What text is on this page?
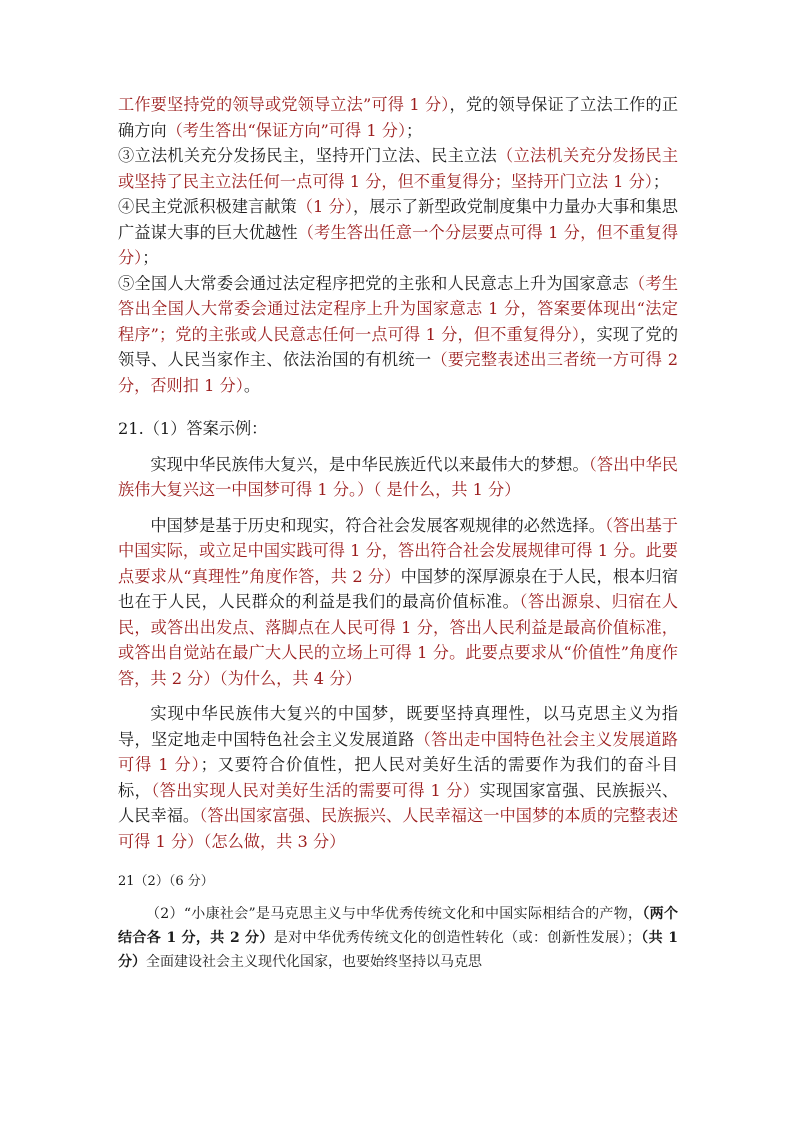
工作要坚持党的领导或党领导立法”可得 1 分），党的领导保证了立法工作的正确方向（考生答出“保证方向”可得 1 分）；

③立法机关充分发扬民主，坚持开门立法、民主立法（立法机关充分发扬民主或坚持了民主立法任何一点可得 1 分，但不重复得分；坚持开门立法 1 分）；

④民主党派积极建言献策（1 分），展示了新型政党制度集中力量办大事和集思广益谋大事的巨大优越性（考生答出任意一个分层要点可得 1 分，但不重复得分）；

⑤全国人大常委会通过法定程序把党的主张和人民意志上升为国家意志（考生答出全国人大常委会通过法定程序上升为国家意志 1 分，答案要体现出“法定程序”；党的主张或人民意志任何一点可得 1 分，但不重复得分），实现了党的领导、人民当家作主、依法治国的有机统一（要完整表述出三者统一方可得 2 分，否则扣 1 分）。

21.（1）答案示例：

实现中华民族伟大复兴，是中华民族近代以来最伟大的梦想。（答出中华民族伟大复兴这一中国梦可得 1 分。）（ 是什么，共 1 分）

中国梦是基于历史和现实，符合社会发展客观规律的必然选择。（答出基于中国实际，或立足中国实践可得 1 分，答出符合社会发展规律可得 1 分。此要点要求从“真理性”角度作答，共 2 分）中国梦的深厚源泉在于人民，根本归宿也在于人民，人民群众的利益是我们的最高价值标准。（答出源泉、归宿在人民，或答出出发点、落脚点在人民可得 1 分，答出人民利益是最高价值标准，或答出自觉站在最广大人民的立场上可得 1 分。此要点要求从“价值性”角度作答，共 2 分）（为什么，共 4 分）

实现中华民族伟大复兴的中国梦，既要坚持真理性，以马克思主义为指导，坚定地走中国特色社会主义发展道路（答出走中国特色社会主义发展道路可得 1 分）；又要符合价值性，把人民对美好生活的需要作为我们的奋斗目标，（答出实现人民对美好生活的需要可得 1 分）实现国家富强、民族振兴、人民幸福。（答出国家富强、民族振兴、人民幸福这一中国梦的本质的完整表述可得 1 分）（怎么做，共 3 分）

21（2）（6 分）

（2）“小康社会”是马克思主义与中华优秀传统文化和中国实际相结合的产物，（两个结合各 1 分，共 2 分）是对中华优秀传统文化的创造性转化（或：创新性发展）；（共 1 分）全面建设社会主义现代化国家，也要始终坚持以马克思
